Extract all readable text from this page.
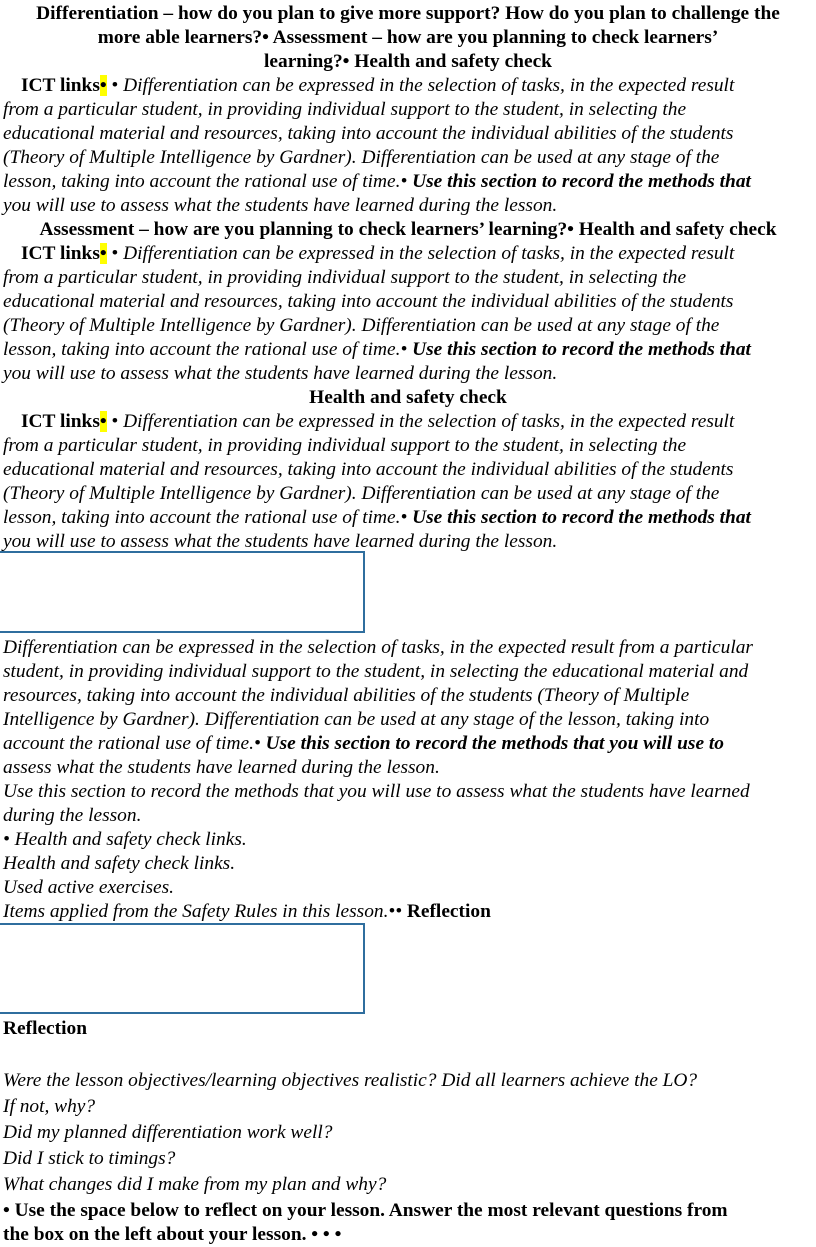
Differentiation – how do you plan to give more support? How do you plan to challenge the
more able learners?• Assessment – how are you planning to check learners’
learning?• Health and safety check
ICT links• • Differentiation can be expressed in the selection of tasks, in the expected result
from a particular student, in providing individual support to the student, in selecting the
educational material and resources, taking into account the individual abilities of the students
(Theory of Multiple Intelligence by Gardner). Differentiation can be used at any stage of the
lesson, taking into account the rational use of time.• Use this section to record the methods that
you will use to assess what the students have learned during the lesson.
Assessment – how are you planning to check learners’ learning?• Health and safety check
ICT links• • Differentiation can be expressed in the selection of tasks, in the expected result
from a particular student, in providing individual support to the student, in selecting the
educational material and resources, taking into account the individual abilities of the students
(Theory of Multiple Intelligence by Gardner). Differentiation can be used at any stage of the
lesson, taking into account the rational use of time.• Use this section to record the methods that
you will use to assess what the students have learned during the lesson.
Health and safety check
ICT links• • Differentiation can be expressed in the selection of tasks, in the expected result
from a particular student, in providing individual support to the student, in selecting the
educational material and resources, taking into account the individual abilities of the students
(Theory of Multiple Intelligence by Gardner). Differentiation can be used at any stage of the
lesson, taking into account the rational use of time.• Use this section to record the methods that
you will use to assess what the students have learned during the lesson.
Differentiation can be expressed in the selection of tasks, in the expected result from a particular
student, in providing individual support to the student, in selecting the educational material and
resources, taking into account the individual abilities of the students (Theory of Multiple
Intelligence by Gardner). Differentiation can be used at any stage of the lesson, taking into
account the rational use of time.• Use this section to record the methods that you will use to
assess what the students have learned during the lesson.
Use this section to record the methods that you will use to assess what the students have learned
during the lesson.
• Health and safety check links.
Health and safety check links.
Used active exercises.
Items applied from the Safety Rules in this lesson.•• Reflection
Reflection
Were the lesson objectives/learning objectives realistic? Did all learners achieve the LO?
If not, why?
Did my planned differentiation work well?
Did I stick to timings?
What changes did I make from my plan and why?
• Use the space below to reflect on your lesson. Answer the most relevant questions from
the box on the left about your lesson. • • •
